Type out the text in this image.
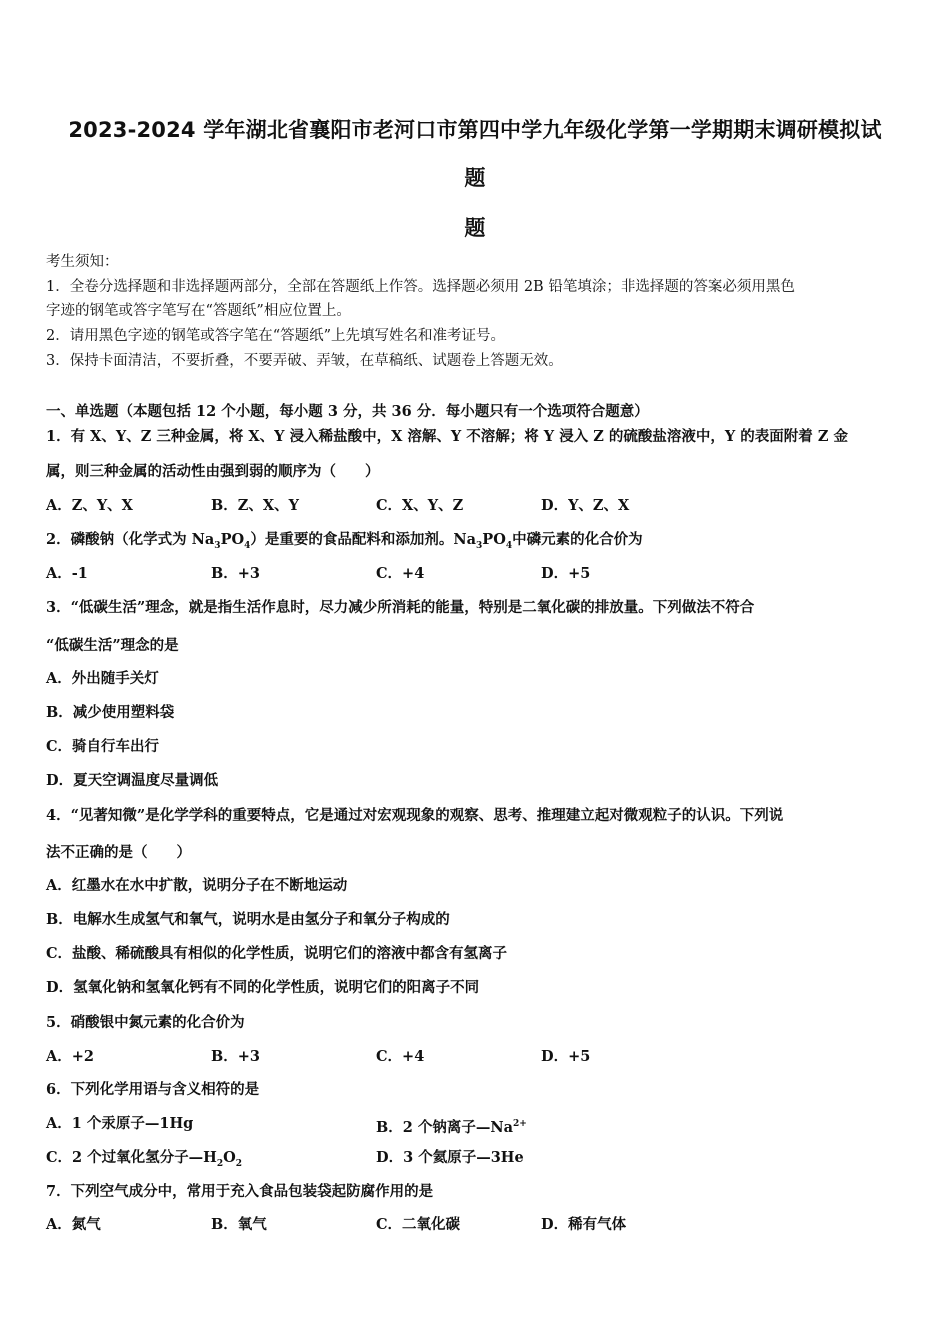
2023-2024 学年湖北省襄阳市老河口市第四中学九年级化学第一学期期末调研模拟试
题
题
考生须知：
1．全卷分选择题和非选择题两部分，全部在答题纸上作答。选择题必须用 2B 铅笔填涂；非选择题的答案必须用黑色
字迹的钢笔或答字笔写在“答题纸”相应位置上。
2．请用黑色字迹的钢笔或答字笔在“答题纸”上先填写姓名和准考证号。
3．保持卡面清洁，不要折叠，不要弄破、弄皱，在草稿纸、试题卷上答题无效。
一、单选题（本题包括 12 个小题，每小题 3 分，共 36 分．每小题只有一个选项符合题意）
1．有 X、Y、Z 三种金属，将 X、Y 浸入稀盐酸中，X 溶解、Y 不溶解；将 Y 浸入 Z 的硫酸盐溶液中，Y 的表面附着 Z 金
属，则三种金属的活动性由强到弱的顺序为（　　）
A．Z、Y、X	B．Z、X、Y	C．X、Y、Z	D．Y、Z、X
2．磷酸钠（化学式为 $Na_3PO_4$）是重要的食品配料和添加剂。$Na_3PO_4$中磷元素的化合价为
A．-1	B．+3	C．+4	D．+5
3．“低碳生活”理念，就是指生活作息时，尽力减少所消耗的能量，特别是二氧化碳的排放量。下列做法不符合
“低碳生活”理念的是
A．外出随手关灯
B．减少使用塑料袋
C．骑自行车出行
D．夏天空调温度尽量调低
4．“见著知微”是化学学科的重要特点，它是通过对宏观现象的观察、思考、推理建立起对微观粒子的认识。下列说
法不正确的是（　　）
A．红墨水在水中扩散，说明分子在不断地运动
B．电解水生成氢气和氧气，说明水是由氢分子和氧分子构成的
C．盐酸、稀硫酸具有相似的化学性质，说明它们的溶液中都含有氢离子
D．氢氧化钠和氢氧化钙有不同的化学性质，说明它们的阳离子不同
5．硝酸银中氮元素的化合价为
A．+2	B．+3	C．+4	D．+5
6．下列化学用语与含义相符的是
A．1 个汞原子—1Hg	B．2 个钠离子$—Na^{2+}$
C．2 个过氧化氢分子$—H_2O_2$	D．3 个氦原子—3He
7．下列空气成分中，常用于充入食品包装袋起防腐作用的是
A．氮气	B．氧气	C．二氧化碳	D．稀有气体
